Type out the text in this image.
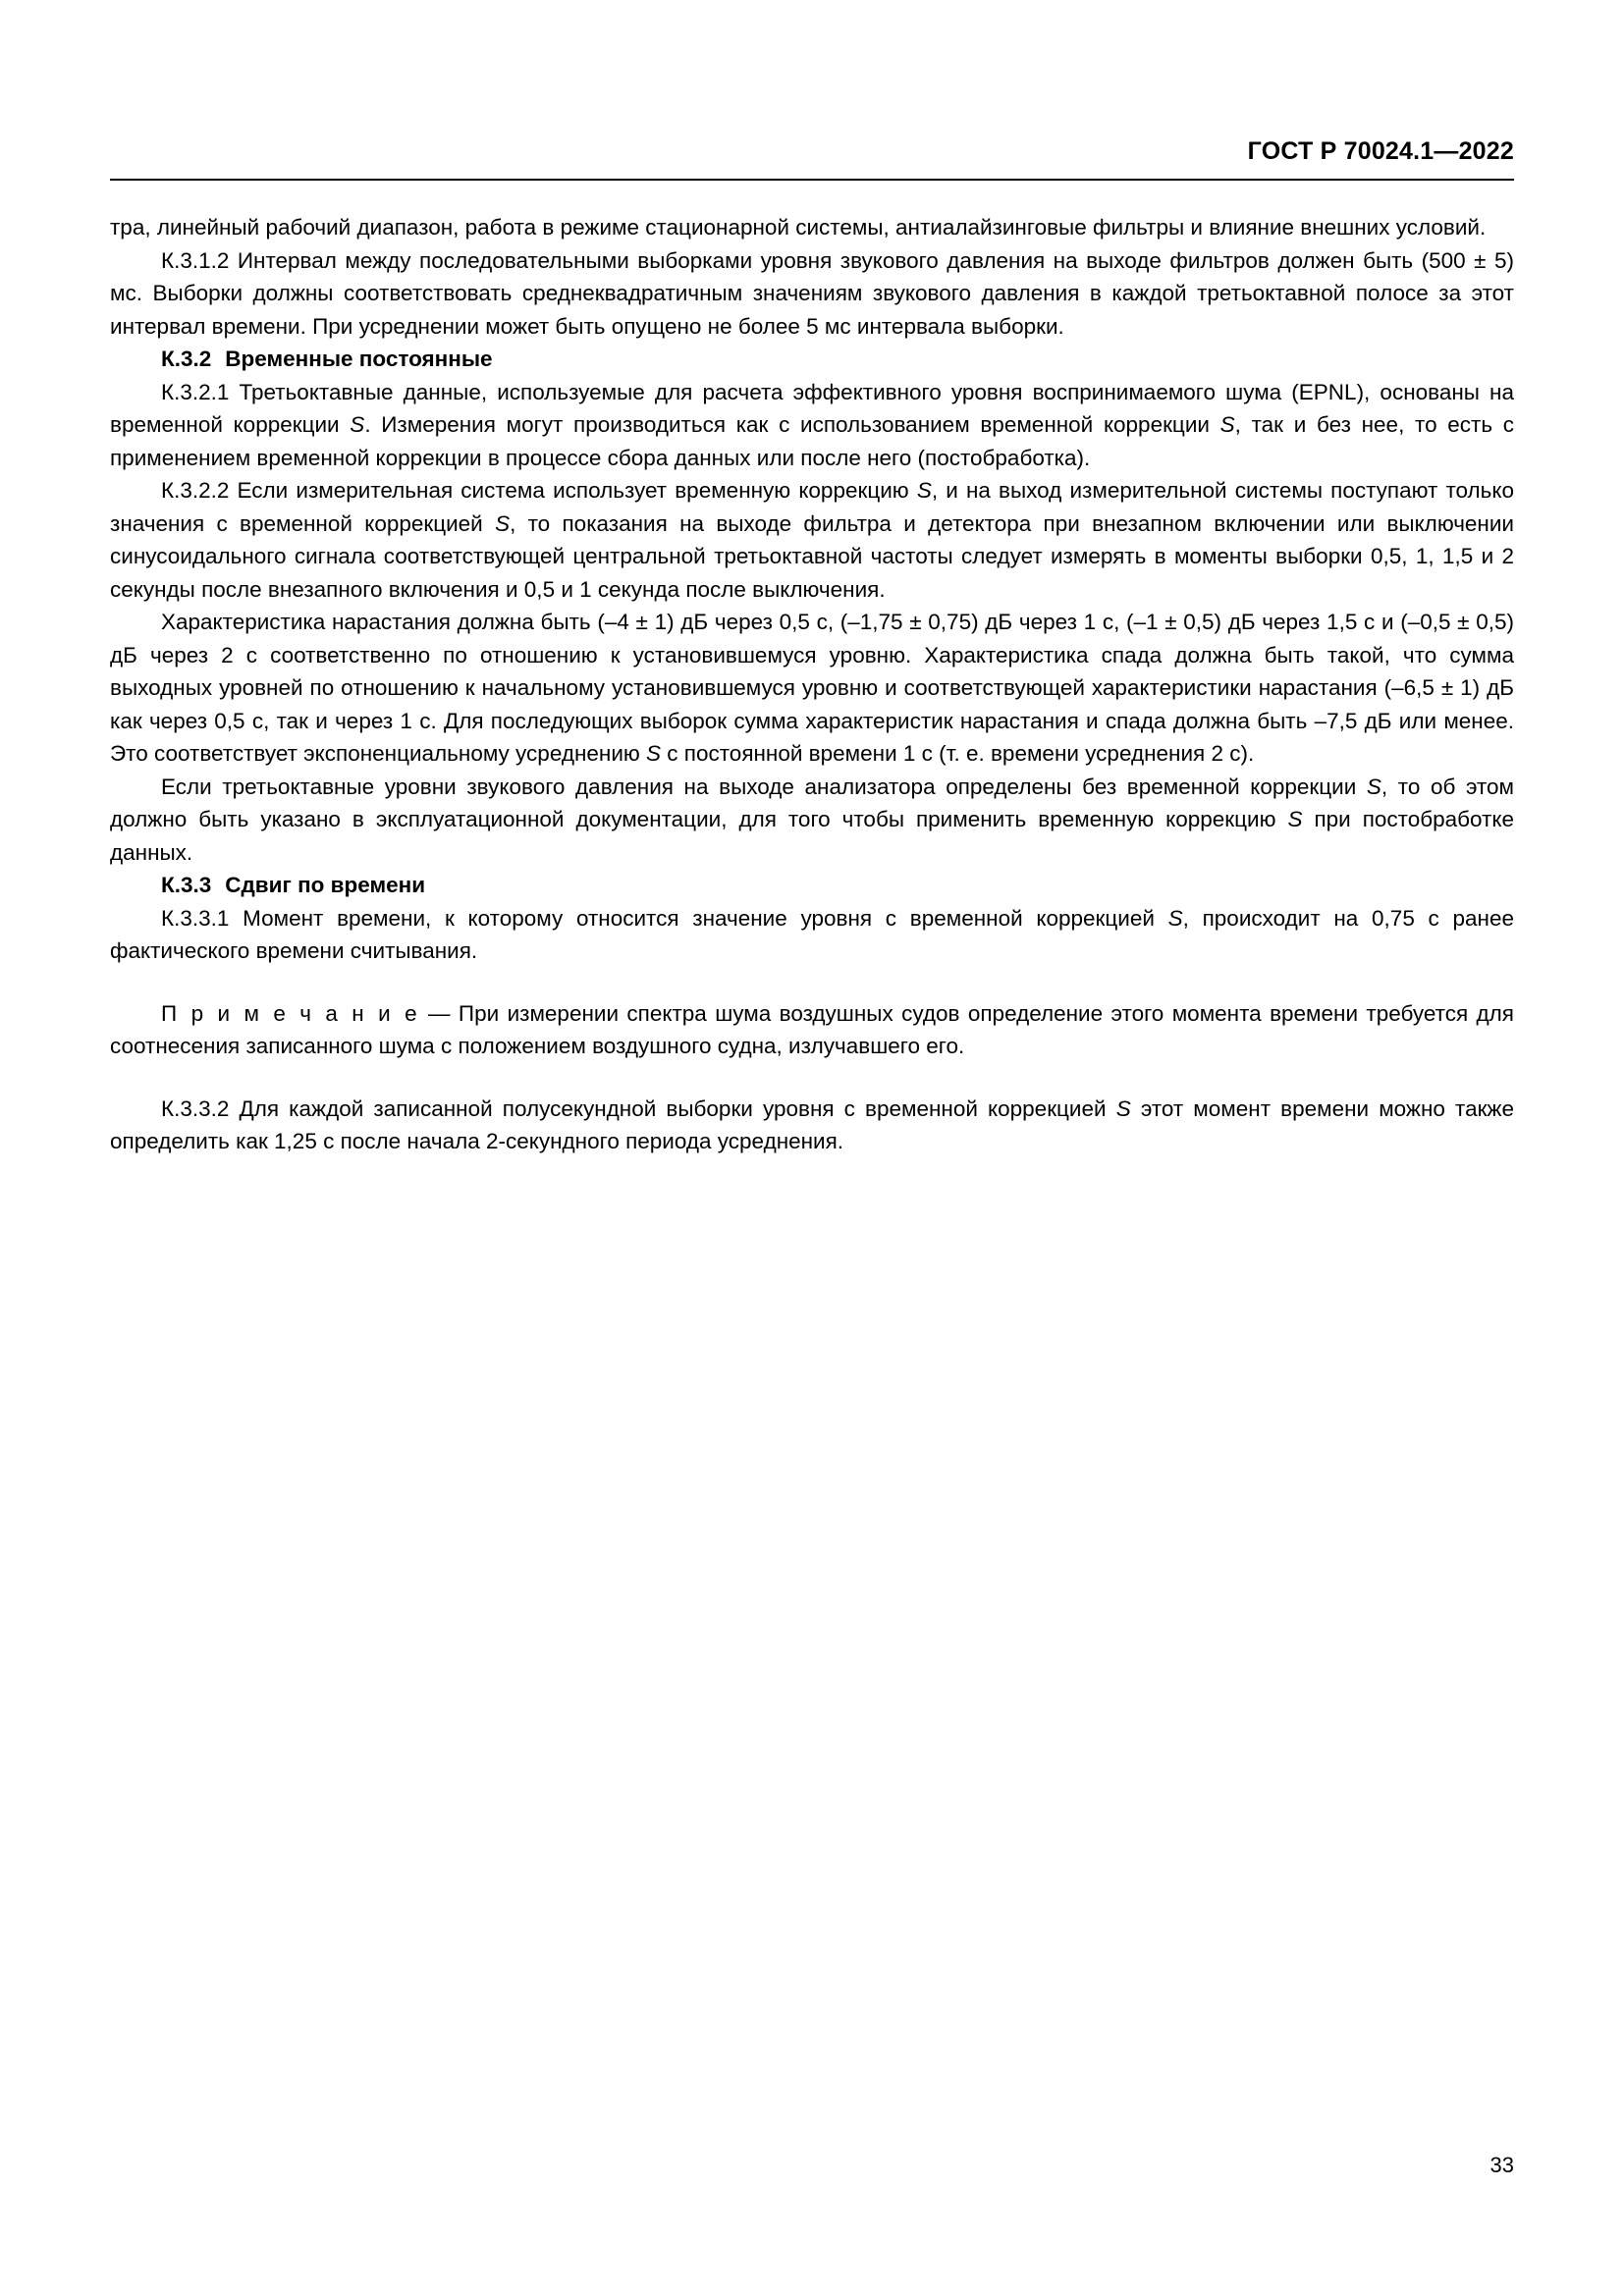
ГОСТ Р 70024.1—2022

тра, линейный рабочий диапазон, работа в режиме стационарной системы, антиалайзинговые фильтры и влияние внешних условий.

К.3.1.2 Интервал между последовательными выборками уровня звукового давления на выходе фильтров должен быть (500 ± 5) мс. Выборки должны соответствовать среднеквадратичным значениям звукового давления в каждой третьоктавной полосе за этот интервал времени. При усреднении может быть опущено не более 5 мс интервала выборки.

К.3.2 Временные постоянные

К.3.2.1 Третьоктавные данные, используемые для расчета эффективного уровня воспринимаемого шума (EPNL), основаны на временной коррекции S. Измерения могут производиться как с использованием временной коррекции S, так и без нее, то есть с применением временной коррекции в процессе сбора данных или после него (постобработка).

К.3.2.2 Если измерительная система использует временную коррекцию S, и на выход измерительной системы поступают только значения с временной коррекцией S, то показания на выходе фильтра и детектора при внезапном включении или выключении синусоидального сигнала соответствующей центральной третьоктавной частоты следует измерять в моменты выборки 0,5, 1, 1,5 и 2 секунды после внезапного включения и 0,5 и 1 секунда после выключения.

Характеристика нарастания должна быть (–4 ± 1) дБ через 0,5 с, (–1,75 ± 0,75) дБ через 1 с, (–1 ± 0,5) дБ через 1,5 с и (–0,5 ± 0,5) дБ через 2 с соответственно по отношению к установившемуся уровню. Характеристика спада должна быть такой, что сумма выходных уровней по отношению к начальному установившемуся уровню и соответствующей характеристики нарастания (–6,5 ± 1) дБ как через 0,5 с, так и через 1 с. Для последующих выборок сумма характеристик нарастания и спада должна быть –7,5 дБ или менее. Это соответствует экспоненциальному усреднению S с постоянной времени 1 с (т. е. времени усреднения 2 с).

Если третьоктавные уровни звукового давления на выходе анализатора определены без временной коррекции S, то об этом должно быть указано в эксплуатационной документации, для того чтобы применить временную коррекцию S при постобработке данных.

К.3.3 Сдвиг по времени

К.3.3.1 Момент времени, к которому относится значение уровня с временной коррекцией S, происходит на 0,75 с ранее фактического времени считывания.

П р и м е ч а н и е — При измерении спектра шума воздушных судов определение этого момента времени требуется для соотнесения записанного шума с положением воздушного судна, излучавшего его.

К.3.3.2 Для каждой записанной полусекундной выборки уровня с временной коррекцией S этот момент времени можно также определить как 1,25 с после начала 2-секундного периода усреднения.

33
